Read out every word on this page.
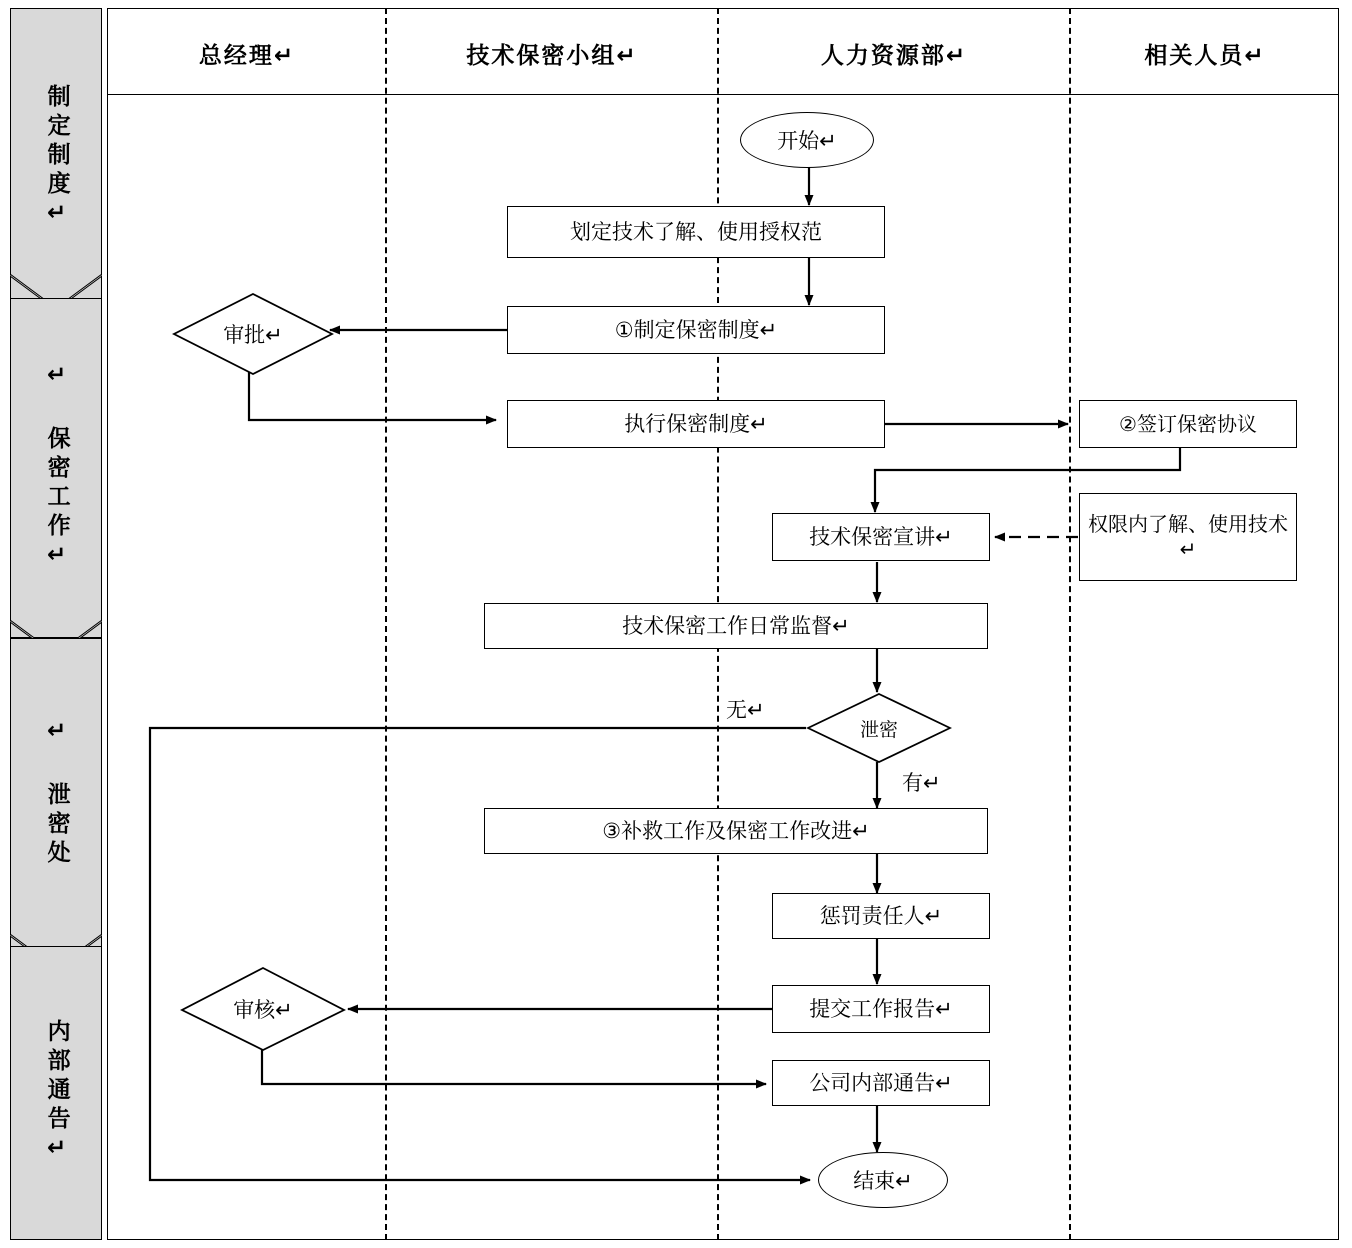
制定制度↵
↵ 保密工作↵
↵ 泄密处
内部通告↵
总经理↵	技术保密小组↵	人力资源部↵	相关人员↵
开始↵
划定技术了解、使用授权范
①制定保密制度↵
审批↵
执行保密制度↵	②签订保密协议
技术保密宣讲↵
权限内了解、使用技术↵
技术保密工作日常监督↵
泄密
无↵
有↵
③补救工作及保密工作改进↵
惩罚责任人↵
提交工作报告↵
审核↵
公司内部通告↵
结束↵
